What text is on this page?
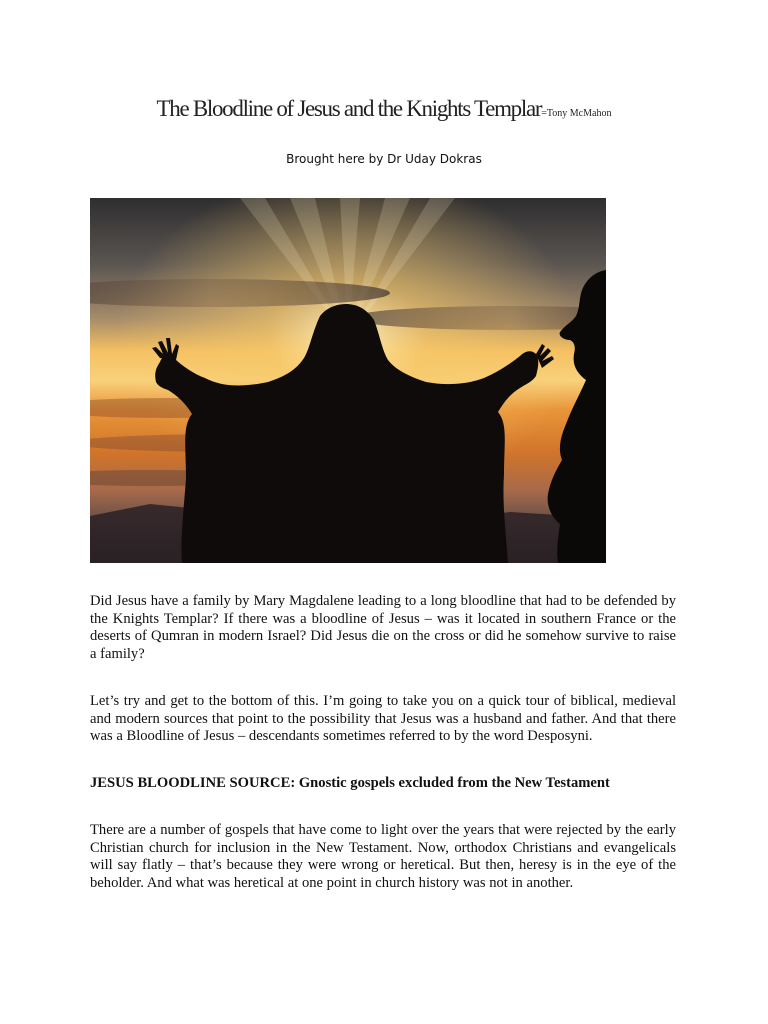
The Bloodline of Jesus and the Knights Templar=Tony McMahon
Brought here by Dr Uday Dokras
Did Jesus have a family by Mary Magdalene leading to a long bloodline that had to be defended by the Knights Templar? If there was a bloodline of Jesus – was it located in southern France or the deserts of Qumran in modern Israel? Did Jesus die on the cross or did he somehow survive to raise a family?
Let’s try and get to the bottom of this. I’m going to take you on a quick tour of biblical, medieval and modern sources that point to the possibility that Jesus was a husband and father. And that there was a Bloodline of Jesus – descendants sometimes referred to by the word Desposyni.
JESUS BLOODLINE SOURCE: Gnostic gospels excluded from the New Testament
There are a number of gospels that have come to light over the years that were rejected by the early Christian church for inclusion in the New Testament. Now, orthodox Christians and evangelicals will say flatly – that’s because they were wrong or heretical. But then, heresy is in the eye of the beholder. And what was heretical at one point in church history was not in another.
